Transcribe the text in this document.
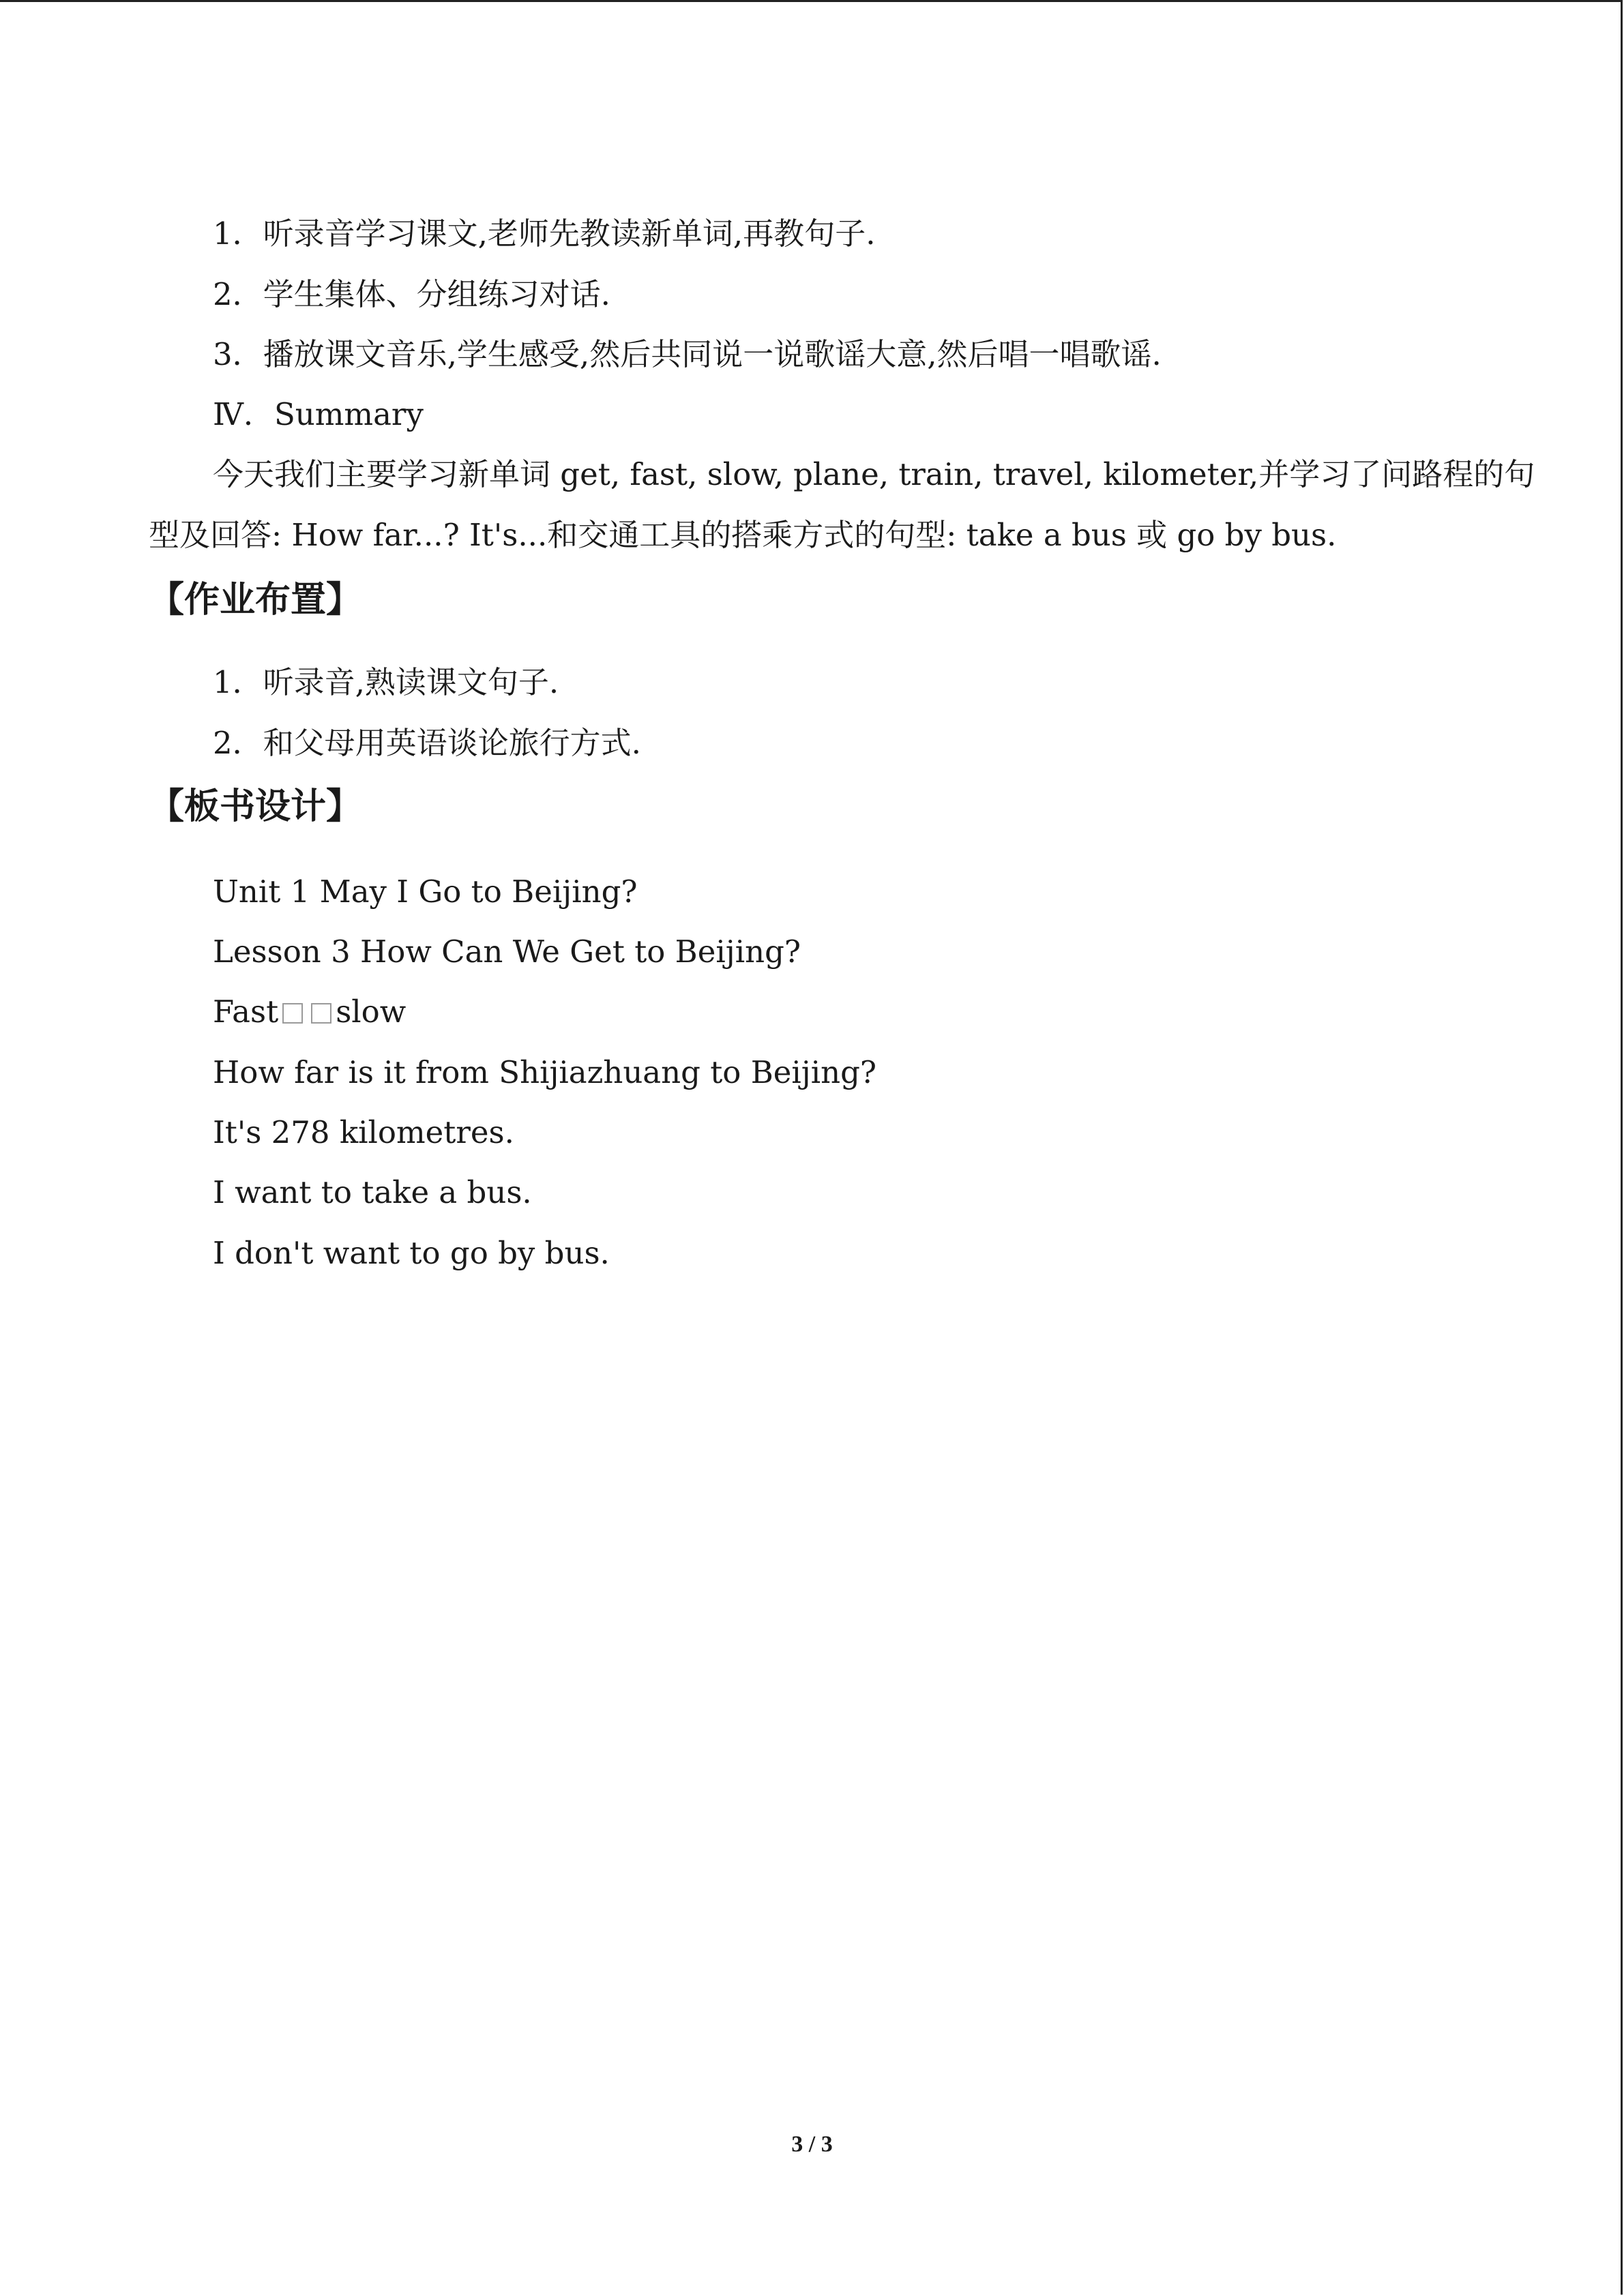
1．听录音学习课文,老师先教读新单词,再教句子.
2．学生集体、分组练习对话.
3．播放课文音乐,学生感受,然后共同说一说歌谣大意,然后唱一唱歌谣.
Ⅳ．Summary
今天我们主要学习新单词 get, fast, slow, plane, train, travel, kilometer,并学习了问路程的句
型及回答: How far...? It's...和交通工具的搭乘方式的句型: take a bus 或 go by bus.
【作业布置】
1．听录音,熟读课文句子.
2．和父母用英语谈论旅行方式.
【板书设计】
Unit 1 May I Go to Beijing?
Lesson 3 How Can We Get to Beijing?
Fast slow
How far is it from Shijiazhuang to Beijing?
It's 278 kilometres.
I want to take a bus.
I don't want to go by bus.
3 / 3
